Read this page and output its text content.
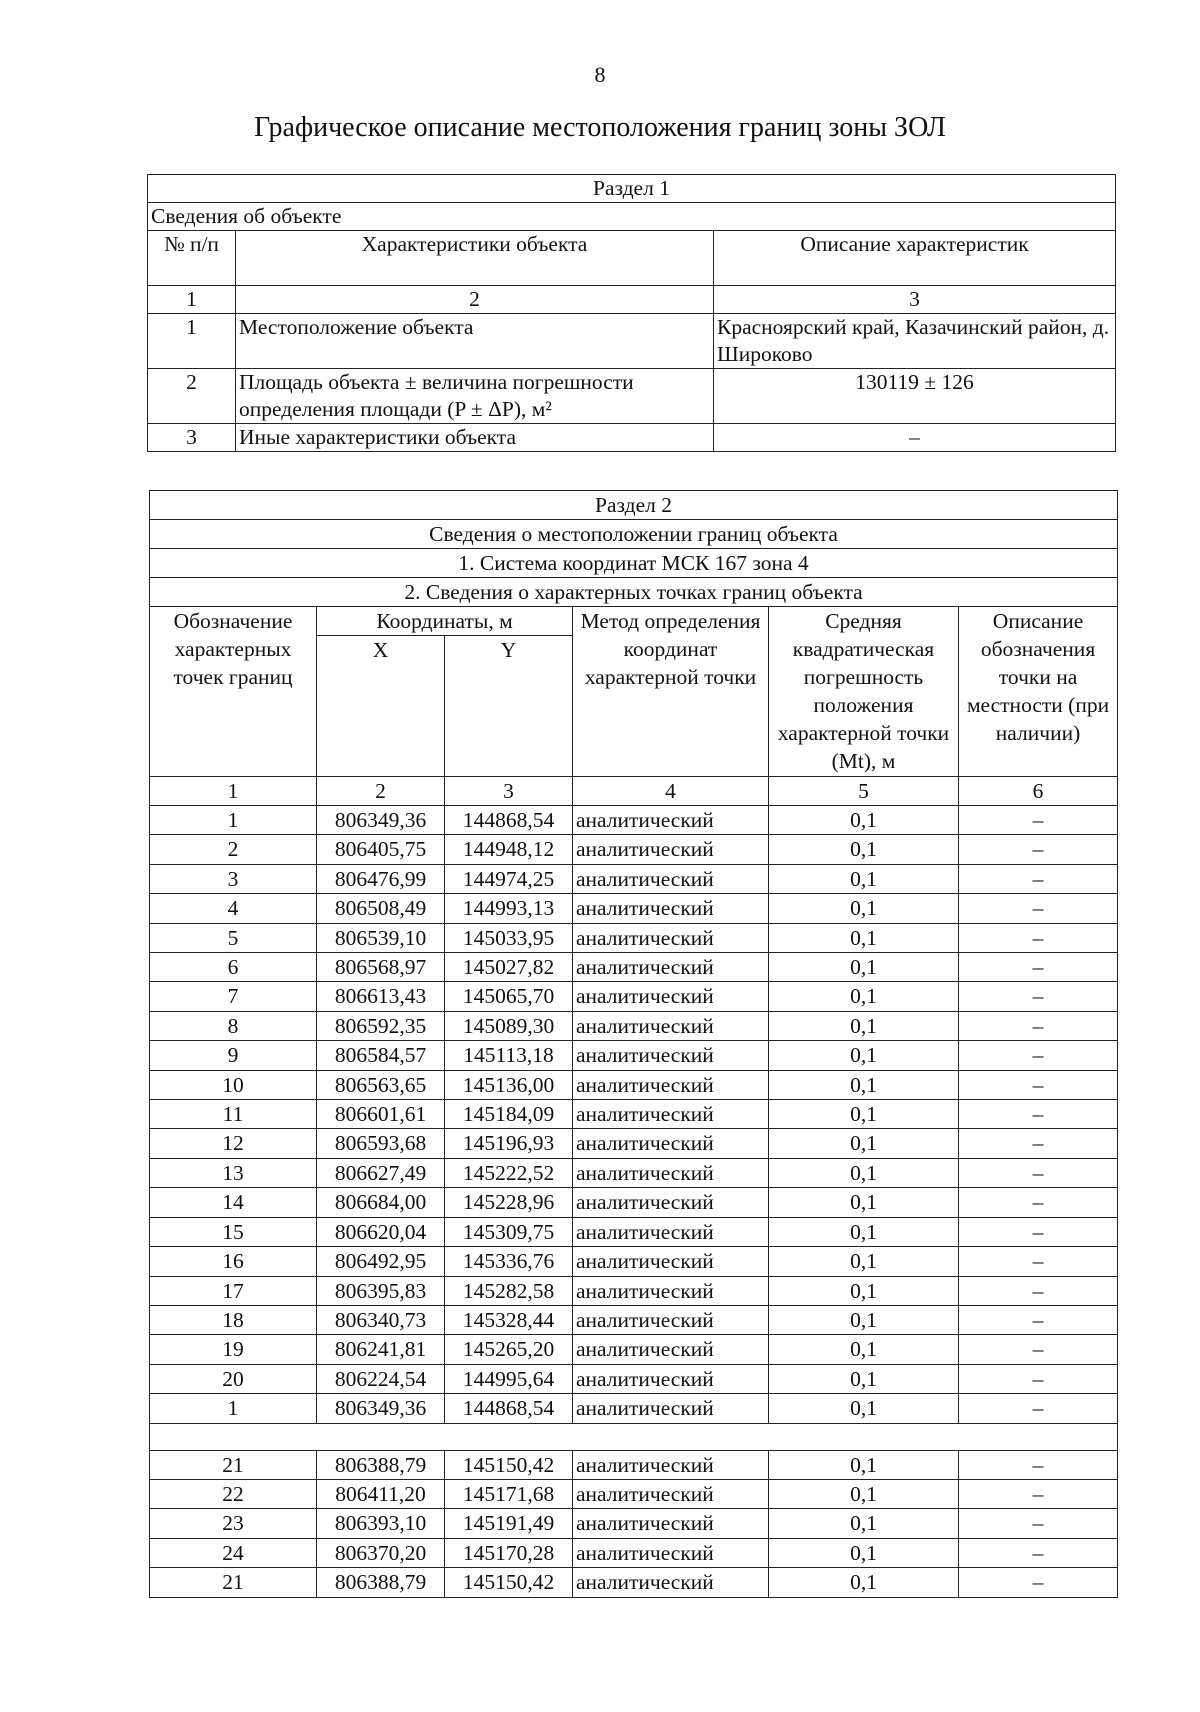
8
Графическое описание местоположения границ зоны ЗОЛ
Раздел 1		
Сведения об объекте		
№ п/п	Характеристики объекта	Описание характеристик
1	2	3
1	Местоположение объекта	Красноярский край, Казачинский район, д. Широково
2	Площадь объекта ± величина погрешности определения площади (P ± ΔP), м²	130119 ± 126
3	Иные характеристики объекта	–
Раздел 2					
Сведения о местоположении границ объекта					
1. Система координат МСК 167 зона 4					
2. Сведения о характерных точках границ объекта					
Обозначение характерных точек границ	Координаты, м		Метод определения координат характерной точки	Средняя квадратическая погрешность положения характерной точки (Mt), м	Описание обозначения точки на местности (при наличии)
	X	Y			
1	2	3	4	5	6
1	806349,36	144868,54	аналитический	0,1	–
2	806405,75	144948,12	аналитический	0,1	–
3	806476,99	144974,25	аналитический	0,1	–
4	806508,49	144993,13	аналитический	0,1	–
5	806539,10	145033,95	аналитический	0,1	–
6	806568,97	145027,82	аналитический	0,1	–
7	806613,43	145065,70	аналитический	0,1	–
8	806592,35	145089,30	аналитический	0,1	–
9	806584,57	145113,18	аналитический	0,1	–
10	806563,65	145136,00	аналитический	0,1	–
11	806601,61	145184,09	аналитический	0,1	–
12	806593,68	145196,93	аналитический	0,1	–
13	806627,49	145222,52	аналитический	0,1	–
14	806684,00	145228,96	аналитический	0,1	–
15	806620,04	145309,75	аналитический	0,1	–
16	806492,95	145336,76	аналитический	0,1	–
17	806395,83	145282,58	аналитический	0,1	–
18	806340,73	145328,44	аналитический	0,1	–
19	806241,81	145265,20	аналитический	0,1	–
20	806224,54	144995,64	аналитический	0,1	–
1	806349,36	144868,54	аналитический	0,1	–

21	806388,79	145150,42	аналитический	0,1	–
22	806411,20	145171,68	аналитический	0,1	–
23	806393,10	145191,49	аналитический	0,1	–
24	806370,20	145170,28	аналитический	0,1	–
21	806388,79	145150,42	аналитический	0,1	–
